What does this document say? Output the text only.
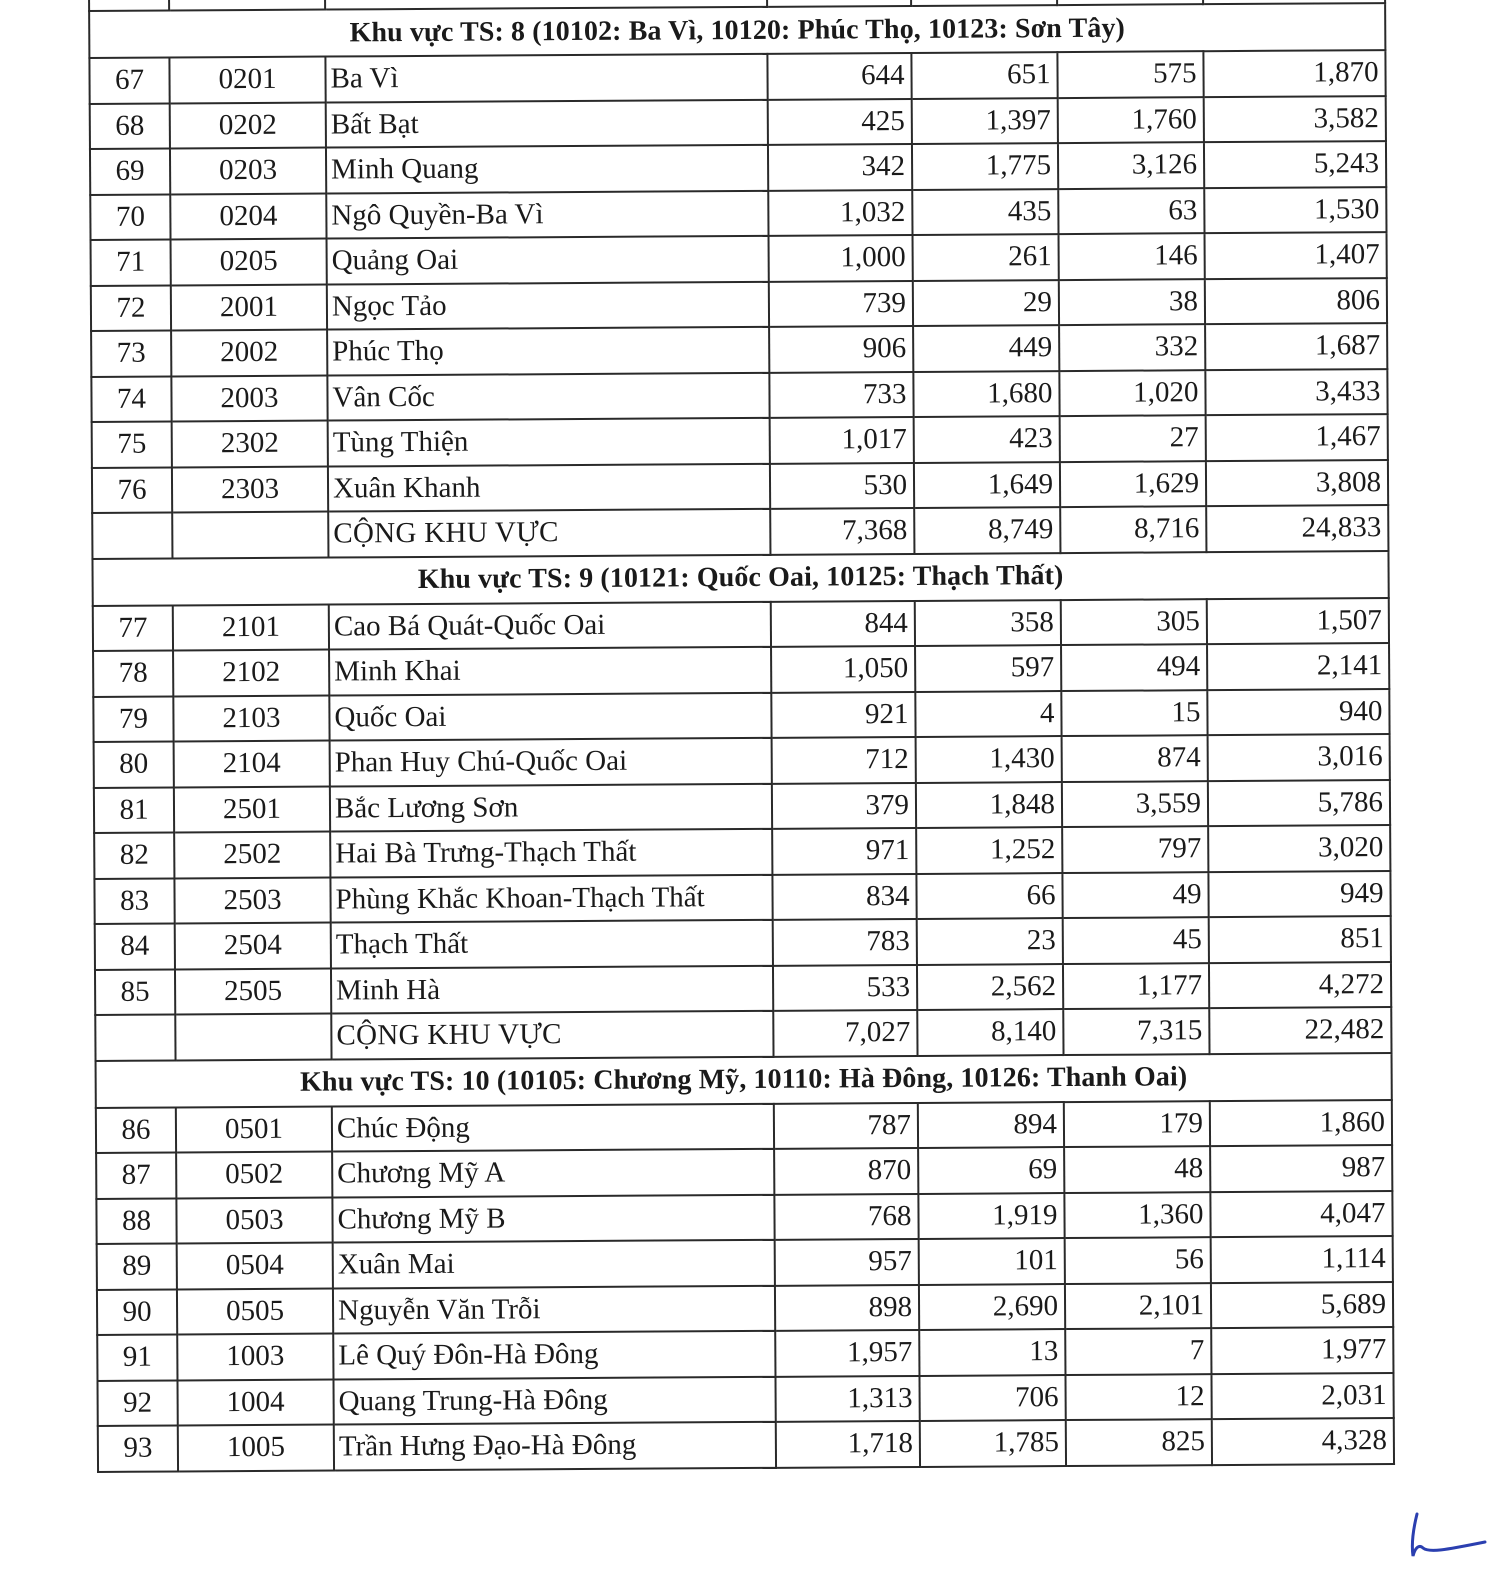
Khu vực TS: 8 (10102: Ba Vì, 10120: Phúc Thọ, 10123: Sơn Tây)						
67	0201	Ba Vì	644	651	575	1,870
68	0202	Bất Bạt	425	1,397	1,760	3,582
69	0203	Minh Quang	342	1,775	3,126	5,243
70	0204	Ngô Quyền-Ba Vì	1,032	435	63	1,530
71	0205	Quảng Oai	1,000	261	146	1,407
72	2001	Ngọc Tảo	739	29	38	806
73	2002	Phúc Thọ	906	449	332	1,687
74	2003	Vân Cốc	733	1,680	1,020	3,433
75	2302	Tùng Thiện	1,017	423	27	1,467
76	2303	Xuân Khanh	530	1,649	1,629	3,808
		CỘNG KHU VỰC	7,368	8,749	8,716	24,833
Khu vực TS: 9 (10121: Quốc Oai, 10125: Thạch Thất)						
77	2101	Cao Bá Quát-Quốc Oai	844	358	305	1,507
78	2102	Minh Khai	1,050	597	494	2,141
79	2103	Quốc Oai	921	4	15	940
80	2104	Phan Huy Chú-Quốc Oai	712	1,430	874	3,016
81	2501	Bắc Lương Sơn	379	1,848	3,559	5,786
82	2502	Hai Bà Trưng-Thạch Thất	971	1,252	797	3,020
83	2503	Phùng Khắc Khoan-Thạch Thất	834	66	49	949
84	2504	Thạch Thất	783	23	45	851
85	2505	Minh Hà	533	2,562	1,177	4,272
		CỘNG KHU VỰC	7,027	8,140	7,315	22,482
Khu vực TS: 10 (10105: Chương Mỹ, 10110: Hà Đông, 10126: Thanh Oai)						
86	0501	Chúc Động	787	894	179	1,860
87	0502	Chương Mỹ A	870	69	48	987
88	0503	Chương Mỹ B	768	1,919	1,360	4,047
89	0504	Xuân Mai	957	101	56	1,114
90	0505	Nguyễn Văn Trỗi	898	2,690	2,101	5,689
91	1003	Lê Quý Đôn-Hà Đông	1,957	13	7	1,977
92	1004	Quang Trung-Hà Đông	1,313	706	12	2,031
93	1005	Trần Hưng Đạo-Hà Đông	1,718	1,785	825	4,328
